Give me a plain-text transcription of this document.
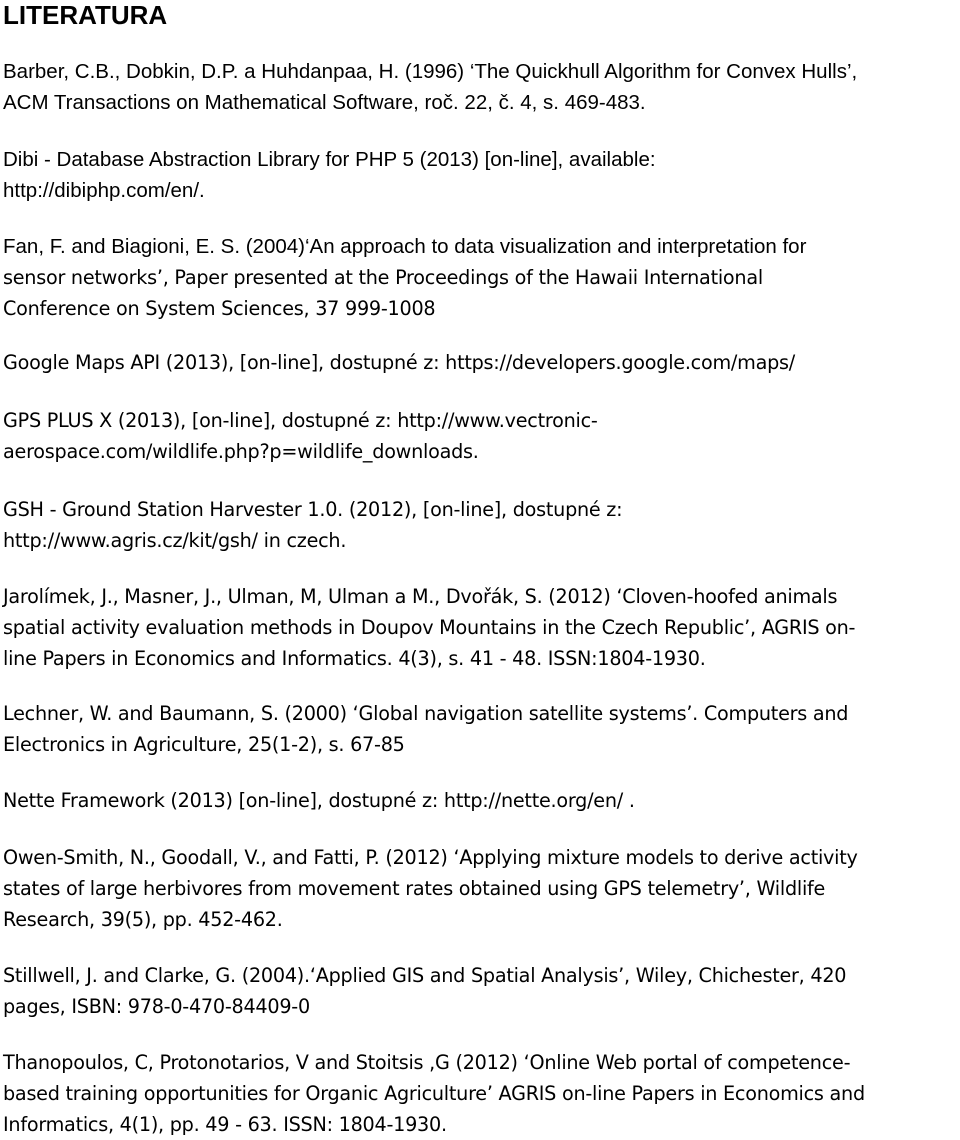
LITERATURA

Barber, C.B., Dobkin, D.P. a Huhdanpaa, H. (1996) ‘The Quickhull Algorithm for Convex Hulls’,
ACM Transactions on Mathematical Software, roč. 22, č. 4, s. 469-483.

Dibi - Database Abstraction Library for PHP 5 (2013) [on-line], available:
http://dibiphp.com/en/.

Fan, F. and Biagioni, E. S. (2004)‘An approach to data visualization and interpretation for
sensor networks’, Paper presented at the Proceedings of the Hawaii International
Conference on System Sciences, 37 999-1008

Google Maps API (2013), [on-line], dostupné z: https://developers.google.com/maps/

GPS PLUS X (2013), [on-line], dostupné z: http://www.vectronic-
aerospace.com/wildlife.php?p=wildlife_downloads.

GSH - Ground Station Harvester 1.0. (2012), [on-line], dostupné z:
http://www.agris.cz/kit/gsh/ in czech.

Jarolímek, J., Masner, J., Ulman, M, Ulman a M., Dvořák, S. (2012) ‘Cloven-hoofed animals
spatial activity evaluation methods in Doupov Mountains in the Czech Republic’, AGRIS on-
line Papers in Economics and Informatics. 4(3), s. 41 - 48. ISSN:1804-1930.

Lechner, W. and Baumann, S. (2000) ‘Global navigation satellite systems’. Computers and
Electronics in Agriculture, 25(1-2), s. 67-85

Nette Framework (2013) [on-line], dostupné z: http://nette.org/en/ .

Owen-Smith, N., Goodall, V., and Fatti, P. (2012) ‘Applying mixture models to derive activity
states of large herbivores from movement rates obtained using GPS telemetry’, Wildlife
Research, 39(5), pp. 452-462.

Stillwell, J. and Clarke, G. (2004).‘Applied GIS and Spatial Analysis’, Wiley, Chichester, 420
pages, ISBN: 978-0-470-84409-0

Thanopoulos, C, Protonotarios, V and Stoitsis ,G (2012) ‘Online Web portal of competence-
based training opportunities for Organic Agriculture’ AGRIS on-line Papers in Economics and
Informatics, 4(1), pp. 49 - 63. ISSN: 1804-1930.
